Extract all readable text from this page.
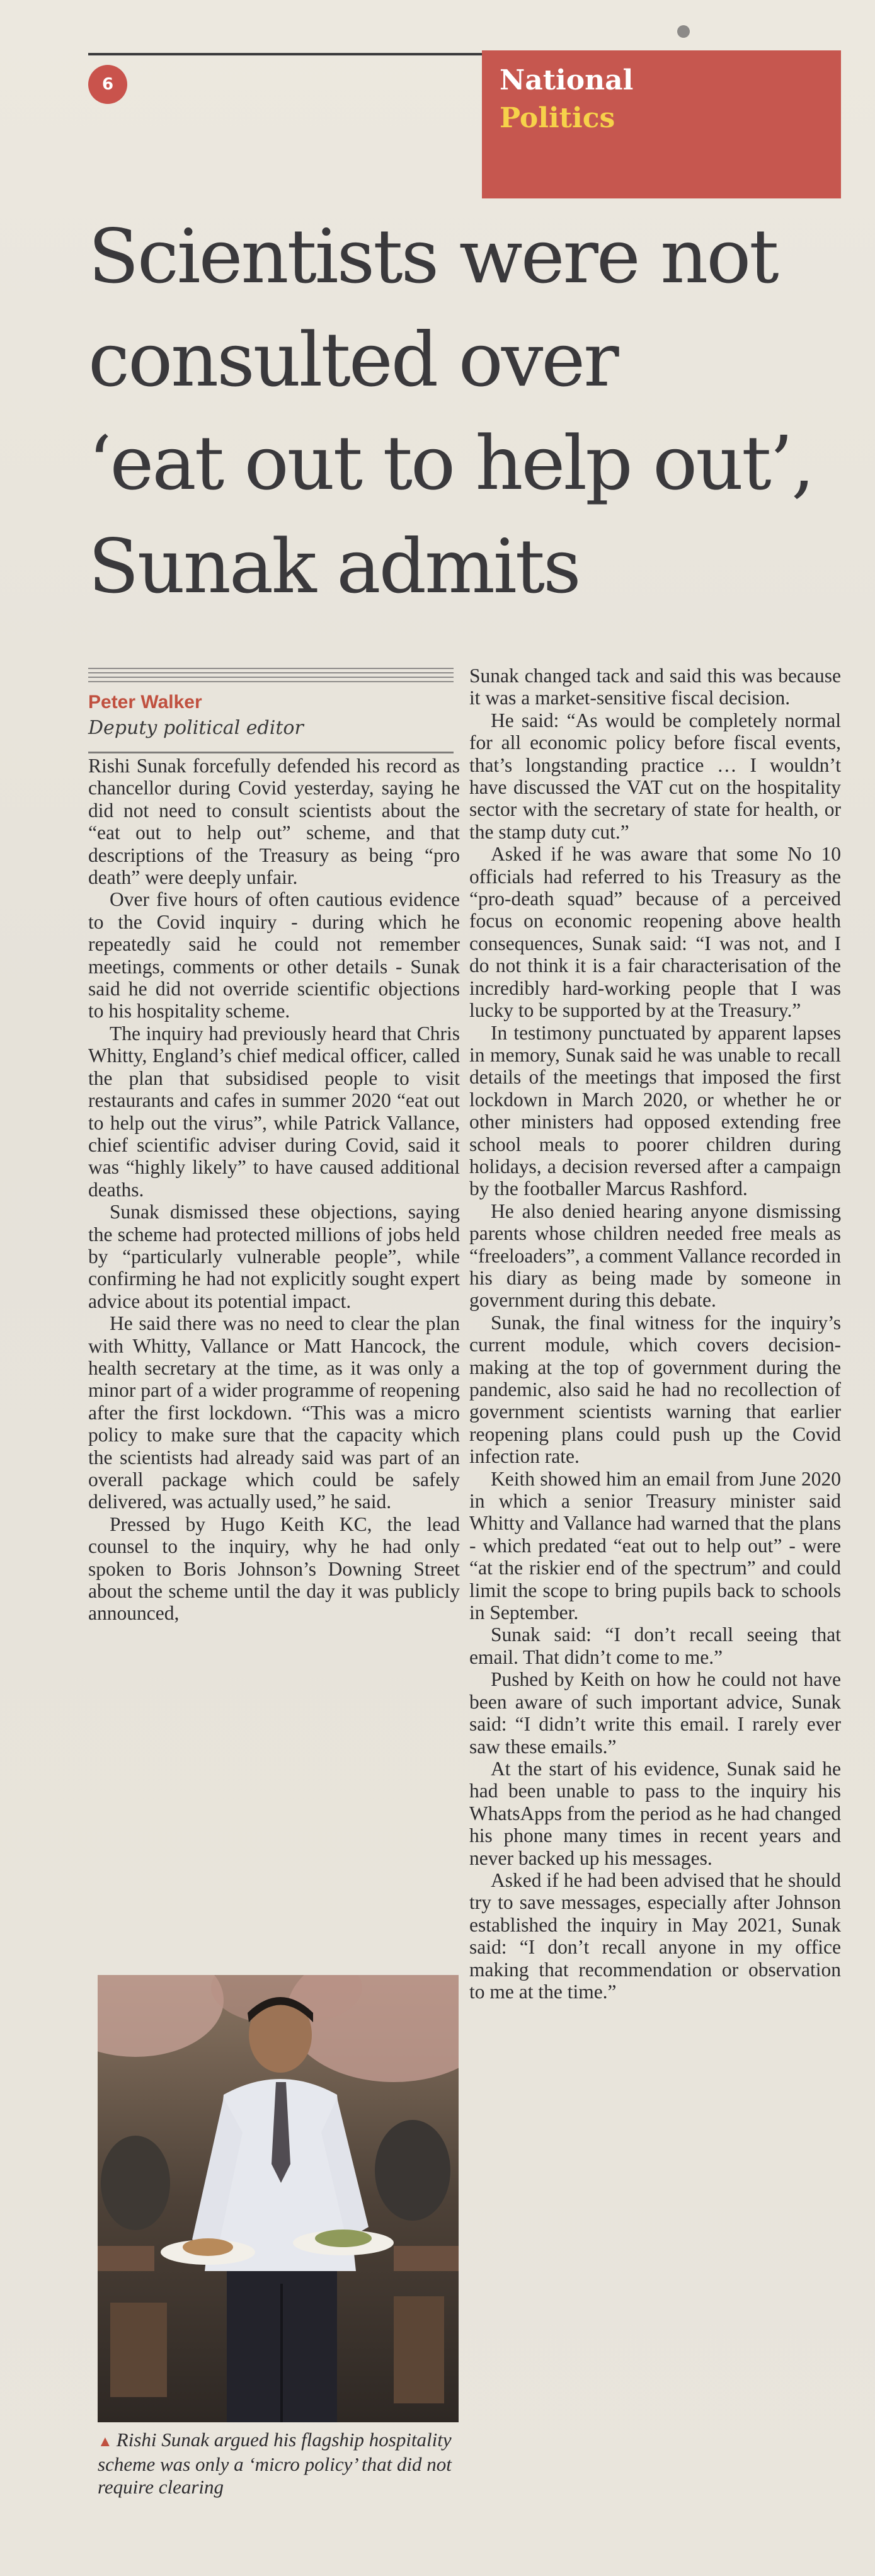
6	National
Politics
Scientists were not
consulted over
‘eat out to help out’,
Sunak admits
Peter Walker
Deputy political editor

Rishi Sunak forcefully defended his record as chancellor during Covid yesterday, saying he did not need to consult scientists about the “eat out to help out” scheme, and that descriptions of the Treasury as being “pro death” were deeply unfair.

Over five hours of often cautious evidence to the Covid inquiry - during which he repeatedly said he could not remember meetings, comments or other details - Sunak said he did not override scientific objections to his hospitality scheme.

The inquiry had previously heard that Chris Whitty, England’s chief medical officer, called the plan that subsidised people to visit restaurants and cafes in summer 2020 “eat out to help out the virus”, while Patrick Vallance, chief scientific adviser during Covid, said it was “highly likely” to have caused additional deaths.

Sunak dismissed these objections, saying the scheme had protected millions of jobs held by “particularly vulnerable people”, while confirming he had not explicitly sought expert advice about its potential impact.

He said there was no need to clear the plan with Whitty, Vallance or Matt Hancock, the health secretary at the time, as it was only a minor part of a wider programme of reopening after the first lockdown. “This was a micro policy to make sure that the capacity which the scientists had already said was part of an overall package which could be safely delivered, was actually used,” he said.

Pressed by Hugo Keith KC, the lead counsel to the inquiry, why he had only spoken to Boris Johnson’s Downing Street about the scheme until the day it was publicly announced,

Sunak changed tack and said this was because it was a market-sensitive fiscal decision.

He said: “As would be completely normal for all economic policy before fiscal events, that’s longstanding practice … I wouldn’t have discussed the VAT cut on the hospitality sector with the secretary of state for health, or the stamp duty cut.”

Asked if he was aware that some No 10 officials had referred to his Treasury as the “pro-death squad” because of a perceived focus on economic reopening above health consequences, Sunak said: “I was not, and I do not think it is a fair characterisation of the incredibly hard-working people that I was lucky to be supported by at the Treasury.”

In testimony punctuated by apparent lapses in memory, Sunak said he was unable to recall details of the meetings that imposed the first lockdown in March 2020, or whether he or other ministers had opposed extending free school meals to poorer children during holidays, a decision reversed after a campaign by the footballer Marcus Rashford.

He also denied hearing anyone dismissing parents whose children needed free meals as “freeloaders”, a comment Vallance recorded in his diary as being made by someone in government during this debate.

Sunak, the final witness for the inquiry’s current module, which covers decision-making at the top of government during the pandemic, also said he had no recollection of government scientists warning that earlier reopening plans could push up the Covid infection rate.

Keith showed him an email from June 2020 in which a senior Treasury minister said Whitty and Vallance had warned that the plans - which predated “eat out to help out” - were “at the riskier end of the spectrum” and could limit the scope to bring pupils back to schools in September.

Sunak said: “I don’t recall seeing that email. That didn’t come to me.”

Pushed by Keith on how he could not have been aware of such important advice, Sunak said: “I didn’t write this email. I rarely ever saw these emails.”

At the start of his evidence, Sunak said he had been unable to pass to the inquiry his WhatsApps from the period as he had changed his phone many times in recent years and never backed up his messages.

Asked if he had been advised that he should try to save messages, especially after Johnson established the inquiry in May 2021, Sunak said: “I don’t recall anyone in my office making that recommendation or observation to me at the time.”

▲ Rishi Sunak argued his flagship hospitality scheme was only a ‘micro policy’ that did not require clearing
